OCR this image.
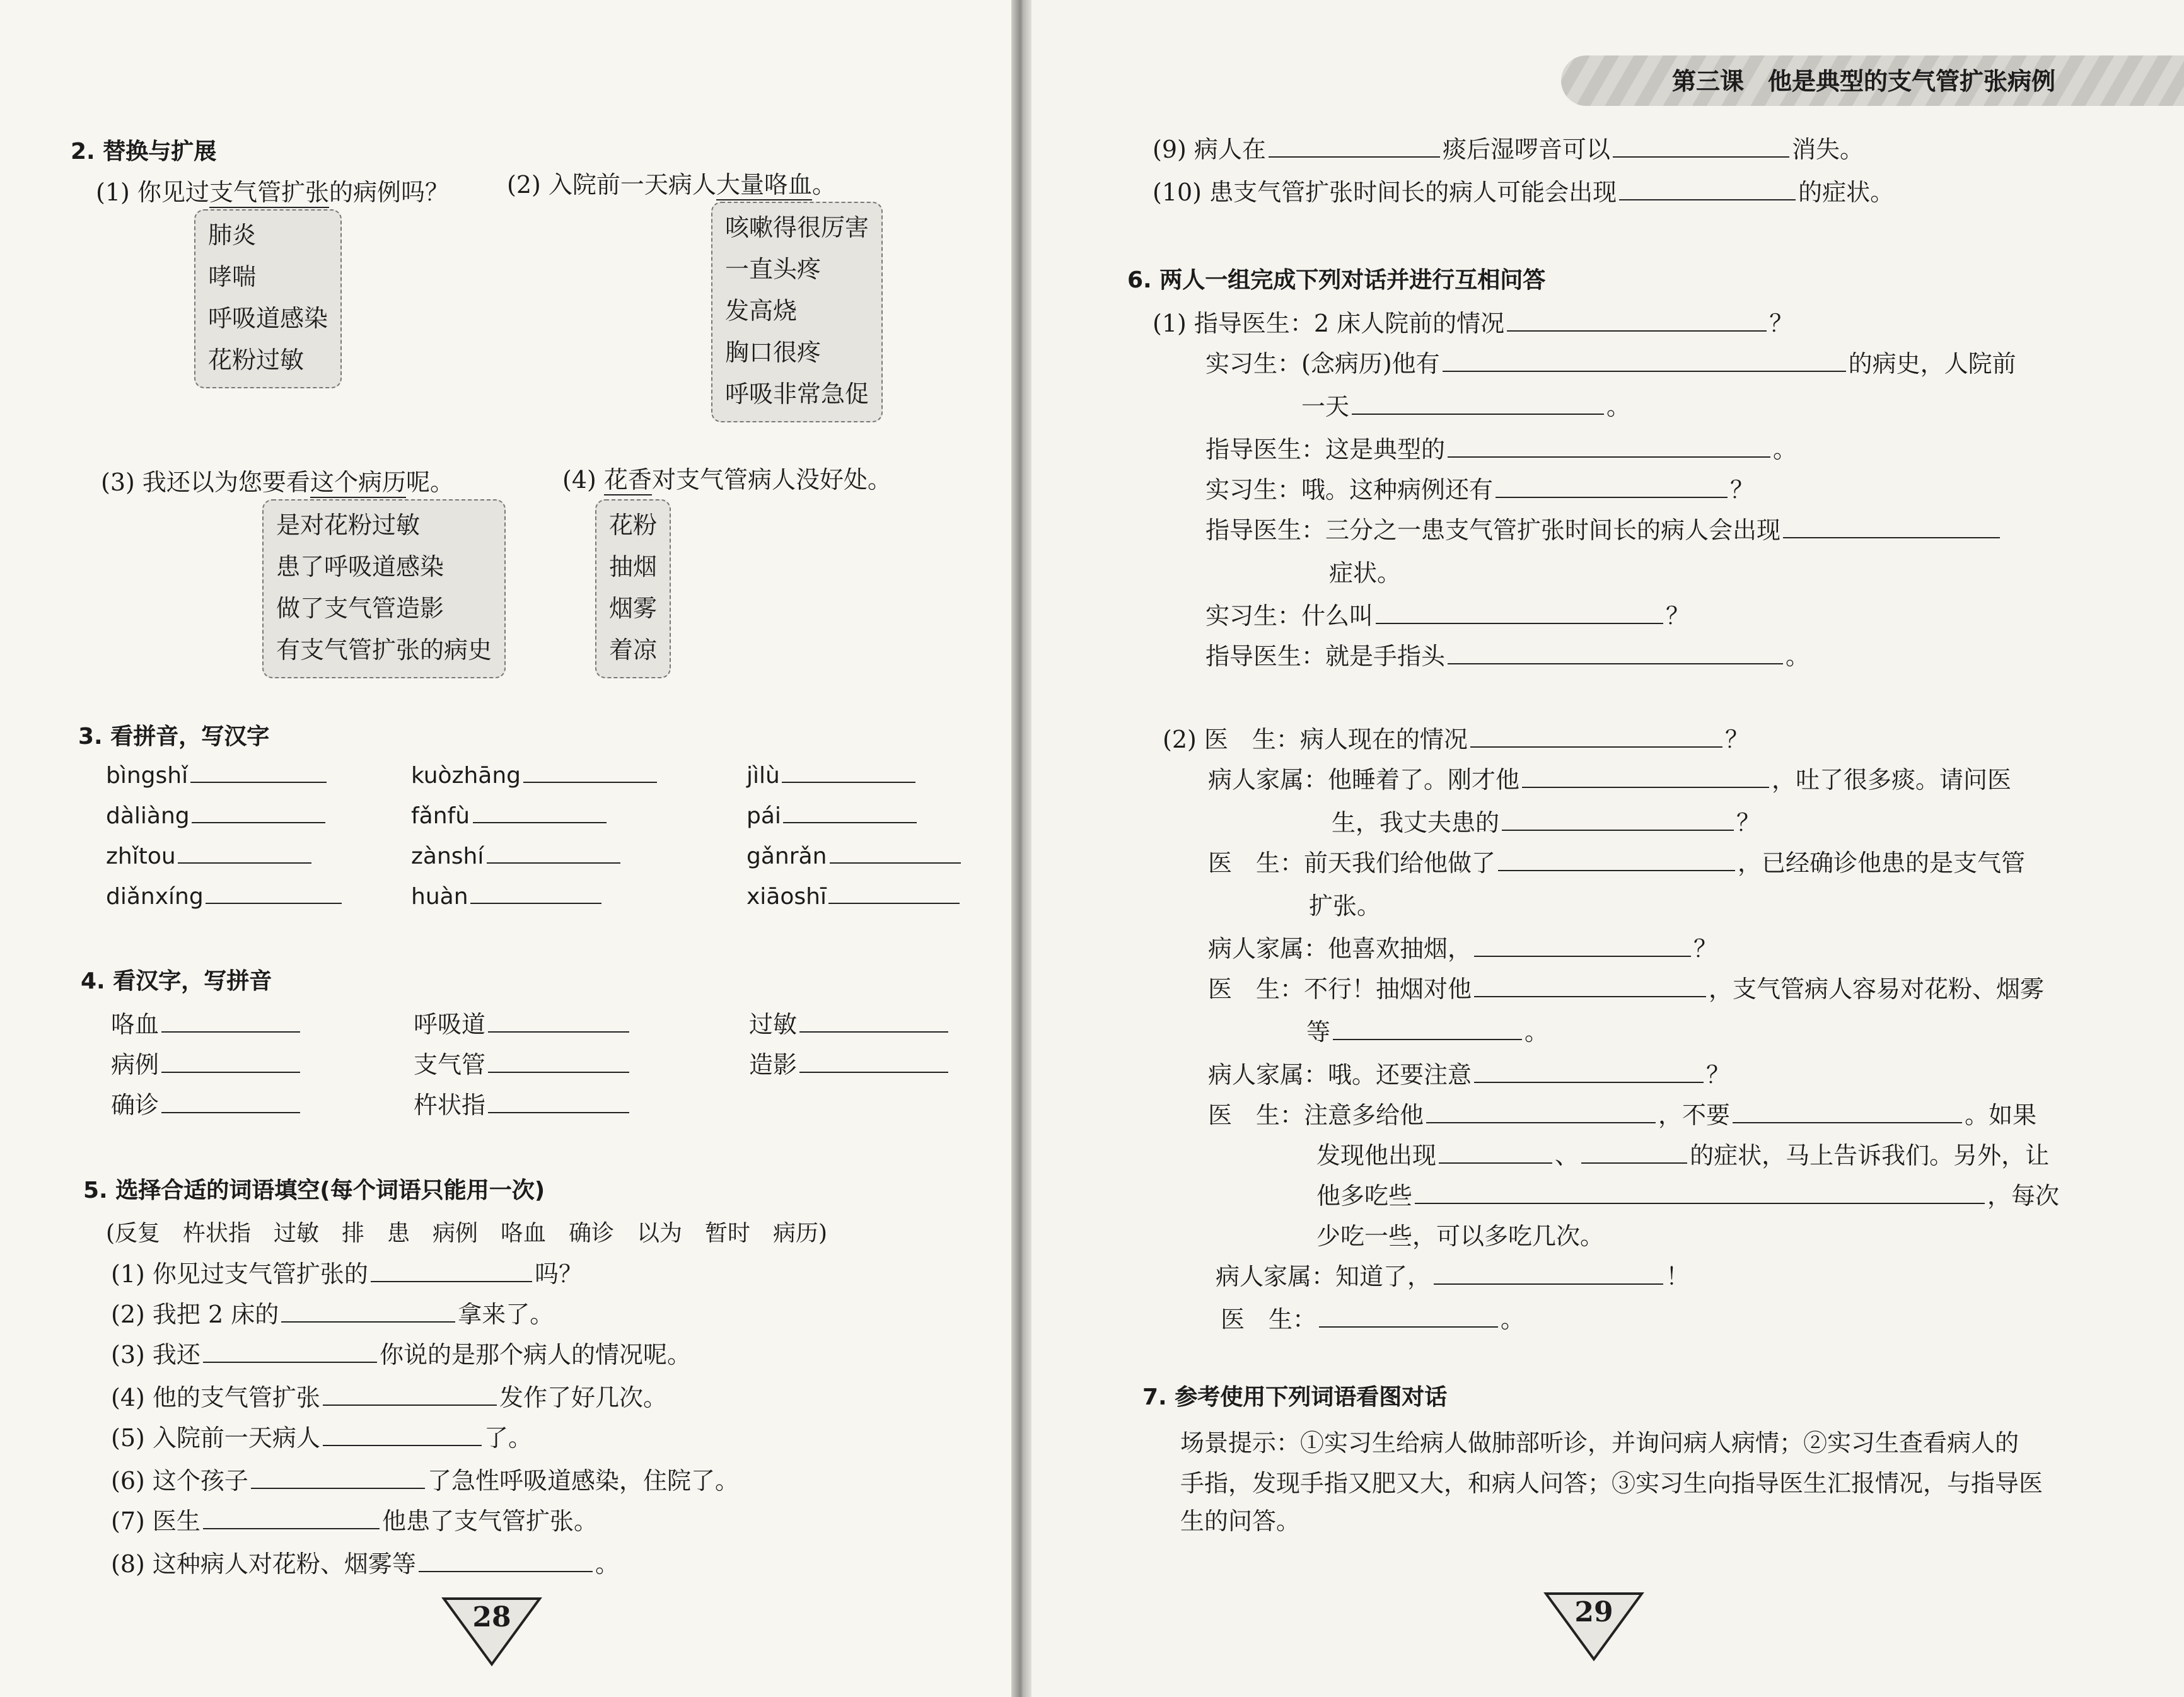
2. 替换与扩展
(1) 你见过支气管扩张的病例吗？
肺炎
哮喘
呼吸道感染
花粉过敏
(2) 入院前一天病人大量咯血。
咳嗽得很厉害
一直头疼
发高烧
胸口很疼
呼吸非常急促
(3) 我还以为您要看这个病历呢。
是对花粉过敏
患了呼吸道感染
做了支气管造影
有支气管扩张的病史
(4) 花香对支气管病人没好处。
花粉
抽烟
烟雾
着凉
3. 看拼音，写汉字
bìngshǐ	kuòzhāng	jìlù
dàliàng	fǎnfù	pái
zhǐtou	zànshí	gǎnrǎn
diǎnxíng	huàn	xiāoshī
4. 看汉字，写拼音
咯血	呼吸道	过敏
病例	支气管	造影
确诊	杵状指
5. 选择合适的词语填空(每个词语只能用一次)
(反复　杵状指　过敏　排　患　病例　咯血　确诊　以为　暂时　病历)
(1) 你见过支气管扩张的	吗？
(2) 我把 2 床的	拿来了。
(3) 我还	你说的是那个病人的情况呢。
(4) 他的支气管扩张	发作了好几次。
(5) 入院前一天病人	了。
(6) 这个孩子	了急性呼吸道感染，住院了。
(7) 医生	他患了支气管扩张。
(8) 这种病人对花粉、烟雾等	。
28
第三课　他是典型的支气管扩张病例
(9) 病人在	痰后湿啰音可以	消失。
(10) 患支气管扩张时间长的病人可能会出现	的症状。
6. 两人一组完成下列对话并进行互相问答
(1) 指导医生：2 床人院前的情况	？
实习生：(念病历)他有	的病史，人院前
一天	。
指导医生：这是典型的	。
实习生：哦。这种病例还有	？
指导医生：三分之一患支气管扩张时间长的病人会出现
症状。
实习生：什么叫	？
指导医生：就是手指头	。
(2) 医　生：病人现在的情况	？
病人家属：他睡着了。刚才他	，吐了很多痰。请问医
生，我丈夫患的	？
医　生：前天我们给他做了	，已经确诊他患的是支气管
扩张。
病人家属：他喜欢抽烟，	？
医　生：不行！抽烟对他	，支气管病人容易对花粉、烟雾
等	。
病人家属：哦。还要注意	？
医　生：注意多给他	，不要	。如果
发现他出现	、	的症状，马上告诉我们。另外，让
他多吃些	，每次
少吃一些，可以多吃几次。
病人家属：知道了，	！
医　生：	。
7. 参考使用下列词语看图对话
场景提示：①实习生给病人做肺部听诊，并询问病人病情；②实习生查看病人的
手指，发现手指又肥又大，和病人问答；③实习生向指导医生汇报情况，与指导医
生的问答。
29
